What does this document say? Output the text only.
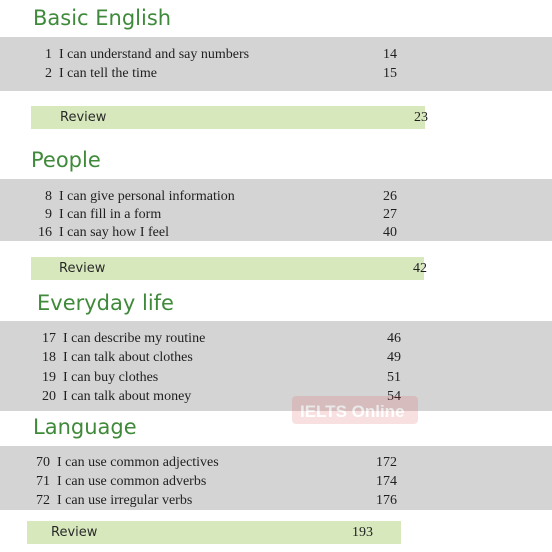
Basic English
1 I can understand and say numbers	14
2 I can tell the time	15
Review	23
People
8 I can give personal information	26
9 I can fill in a form	27
16 I can say how I feel	40
Review	42
Everyday life
17 I can describe my routine	46
18 I can talk about clothes	49
19 I can buy clothes	51
20 I can talk about money	54
IELTS Online
Language
70 I can use common adjectives	172
71 I can use common adverbs	174
72 I can use irregular verbs	176
Review	193
